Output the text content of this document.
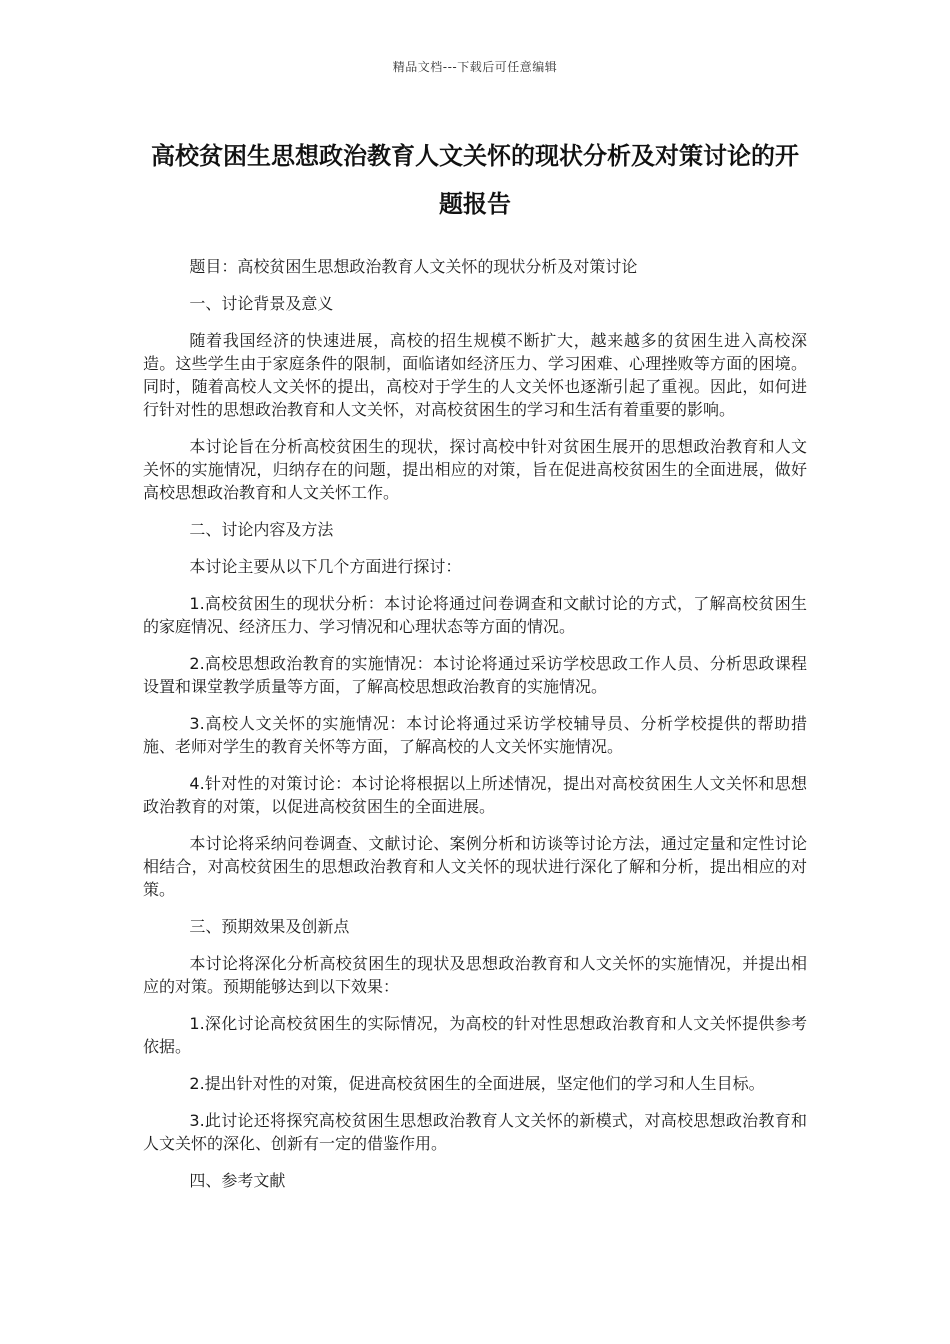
精品文档---下载后可任意编辑
高校贫困生思想政治教育人文关怀的现状分析及对策讨论的开题报告

题目：高校贫困生思想政治教育人文关怀的现状分析及对策讨论

一、讨论背景及意义

随着我国经济的快速进展，高校的招生规模不断扩大，越来越多的贫困生进入高校深造。这些学生由于家庭条件的限制，面临诸如经济压力、学习困难、心理挫败等方面的困境。同时，随着高校人文关怀的提出，高校对于学生的人文关怀也逐渐引起了重视。因此，如何进行针对性的思想政治教育和人文关怀，对高校贫困生的学习和生活有着重要的影响。

本讨论旨在分析高校贫困生的现状，探讨高校中针对贫困生展开的思想政治教育和人文关怀的实施情况，归纳存在的问题，提出相应的对策，旨在促进高校贫困生的全面进展，做好高校思想政治教育和人文关怀工作。

二、讨论内容及方法

本讨论主要从以下几个方面进行探讨：

1.高校贫困生的现状分析：本讨论将通过问卷调查和文献讨论的方式，了解高校贫困生的家庭情况、经济压力、学习情况和心理状态等方面的情况。

2.高校思想政治教育的实施情况：本讨论将通过采访学校思政工作人员、分析思政课程设置和课堂教学质量等方面，了解高校思想政治教育的实施情况。

3.高校人文关怀的实施情况：本讨论将通过采访学校辅导员、分析学校提供的帮助措施、老师对学生的教育关怀等方面，了解高校的人文关怀实施情况。

4.针对性的对策讨论：本讨论将根据以上所述情况，提出对高校贫困生人文关怀和思想政治教育的对策，以促进高校贫困生的全面进展。

本讨论将采纳问卷调查、文献讨论、案例分析和访谈等讨论方法，通过定量和定性讨论相结合，对高校贫困生的思想政治教育和人文关怀的现状进行深化了解和分析，提出相应的对策。

三、预期效果及创新点

本讨论将深化分析高校贫困生的现状及思想政治教育和人文关怀的实施情况，并提出相应的对策。预期能够达到以下效果：

1.深化讨论高校贫困生的实际情况，为高校的针对性思想政治教育和人文关怀提供参考依据。

2.提出针对性的对策，促进高校贫困生的全面进展，坚定他们的学习和人生目标。

3.此讨论还将探究高校贫困生思想政治教育人文关怀的新模式，对高校思想政治教育和人文关怀的深化、创新有一定的借鉴作用。

四、参考文献
